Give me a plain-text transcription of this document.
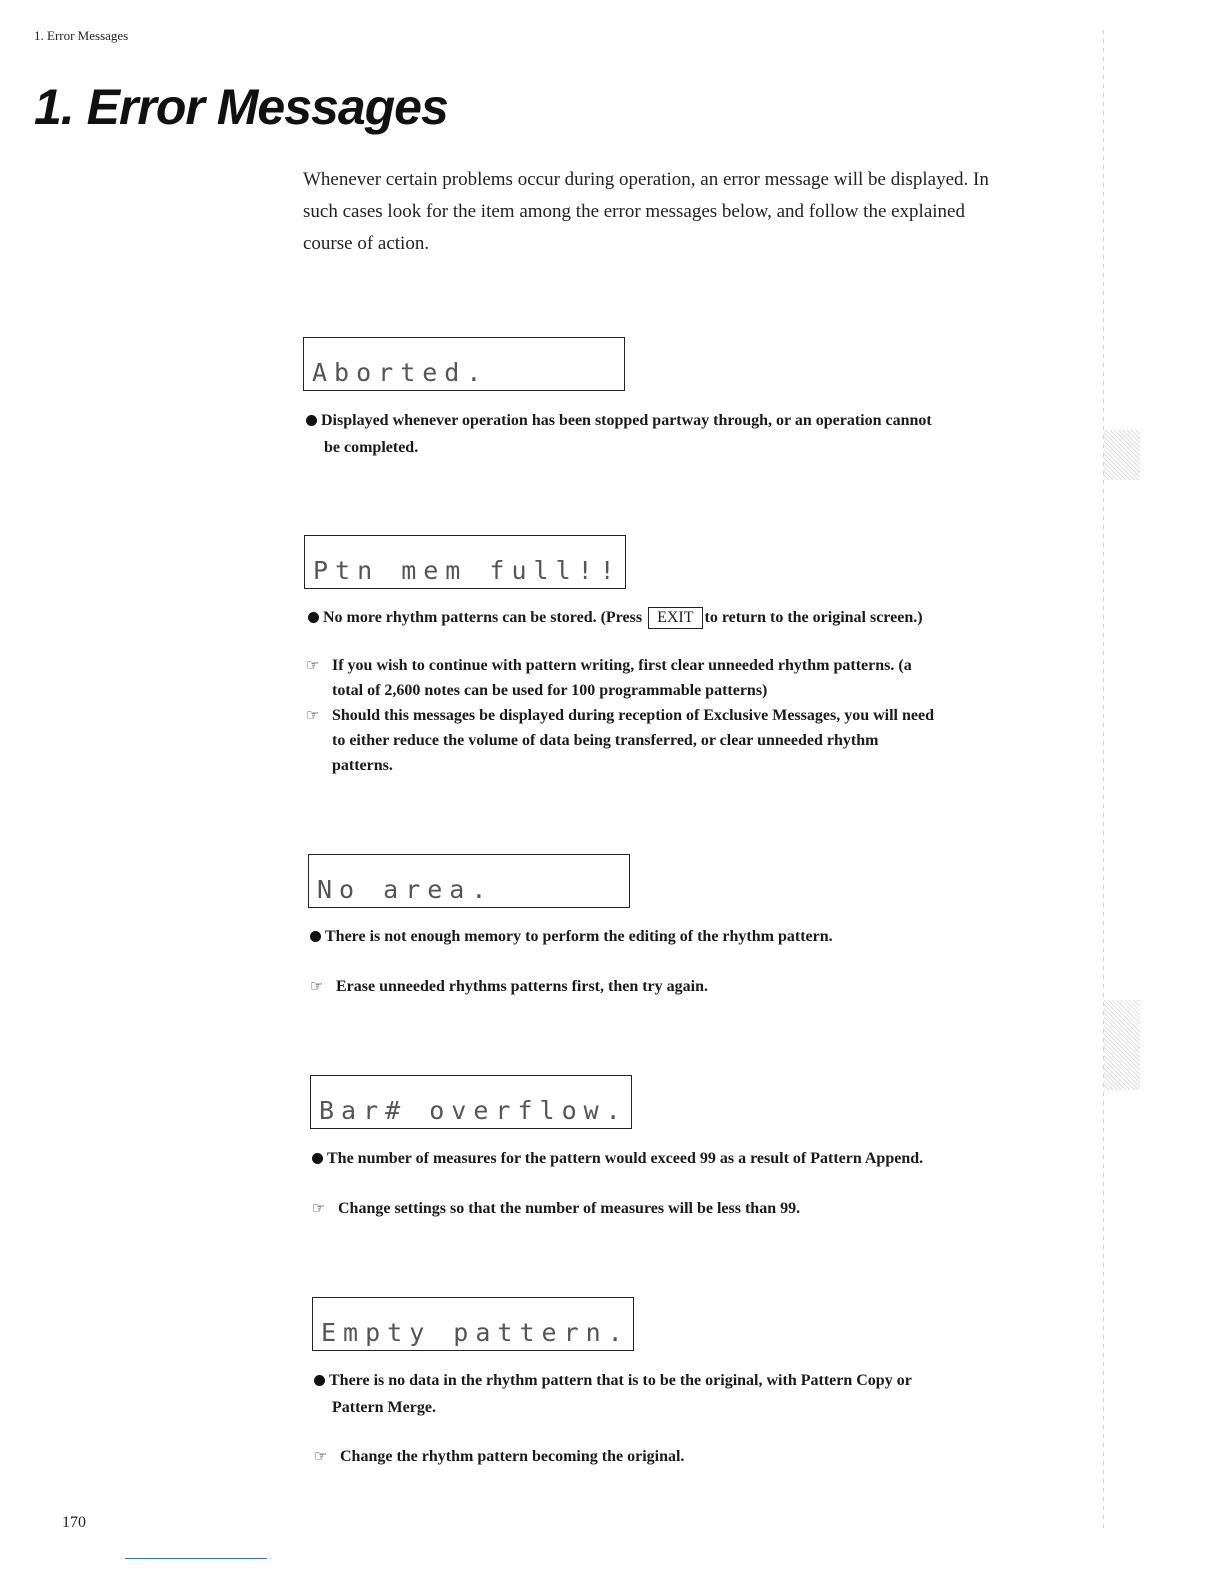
1. Error Messages
1. Error Messages

Whenever certain problems occur during operation, an error message will be displayed. In such cases look for the item among the error messages below, and follow the explained course of action.

Aborted.

Displayed whenever operation has been stopped partway through, or an operation cannot
be completed.

Ptn mem full!!

No more rhythm patterns can be stored. (Press EXIT to return to the original screen.)

☞ If you wish to continue with pattern writing, first clear unneeded rhythm patterns. (a
total of 2,600 notes can be used for 100 programmable patterns)

☞ Should this messages be displayed during reception of Exclusive Messages, you will need
to either reduce the volume of data being transferred, or clear unneeded rhythm
patterns.

No area.

There is not enough memory to perform the editing of the rhythm pattern.

☞ Erase unneeded rhythms patterns first, then try again.

Bar# overflow.

The number of measures for the pattern would exceed 99 as a result of Pattern Append.

☞ Change settings so that the number of measures will be less than 99.

Empty pattern.

There is no data in the rhythm pattern that is to be the original, with Pattern Copy or
Pattern Merge.

☞ Change the rhythm pattern becoming the original.

170
